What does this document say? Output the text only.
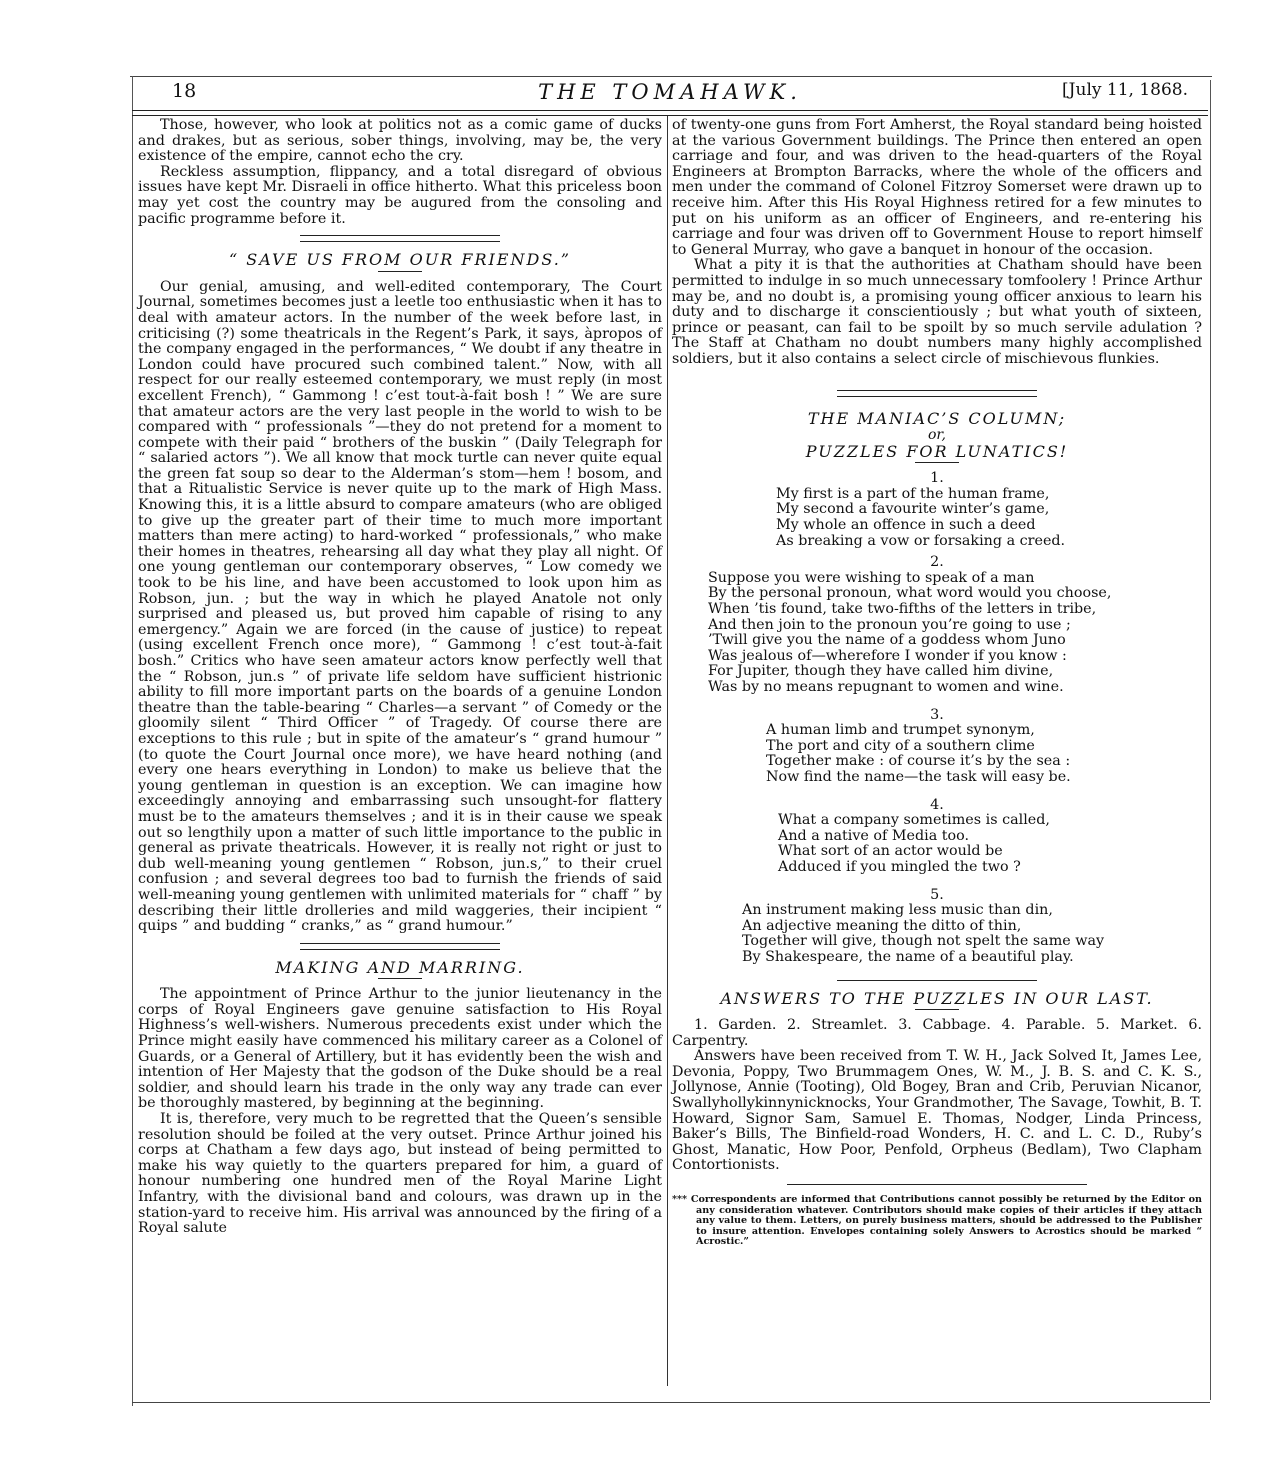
18	THE TOMAHAWK.	[July 11, 1868.

Those, however, who look at politics not as a comic game of ducks and drakes, but as serious, sober things, involving, may be, the very existence of the empire, cannot echo the cry.

Reckless assumption, flippancy, and a total disregard of obvious issues have kept Mr. Disraeli in office hitherto. What this priceless boon may yet cost the country may be augured from the consoling and pacific programme before it.

“ SAVE US FROM OUR FRIENDS.”

Our genial, amusing, and well-edited contemporary, The Court Journal, sometimes becomes just a leetle too enthusiastic when it has to deal with amateur actors. In the number of the week before last, in criticising (?) some theatricals in the Regent’s Park, it says, àpropos of the company engaged in the performances, “ We doubt if any theatre in London could have procured such combined talent.” Now, with all respect for our really esteemed contemporary, we must reply (in most excellent French), “ Gammong ! c’est tout-à-fait bosh ! ” We are sure that amateur actors are the very last people in the world to wish to be compared with “ professionals ”—they do not pretend for a moment to compete with their paid “ brothers of the buskin ” (Daily Telegraph for “ salaried actors ”). We all know that mock turtle can never quite equal the green fat soup so dear to the Alderman’s stom—hem ! bosom, and that a Ritualistic Service is never quite up to the mark of High Mass. Knowing this, it is a little absurd to compare amateurs (who are obliged to give up the greater part of their time to much more important matters than mere acting) to hard-worked “ professionals,” who make their homes in theatres, rehearsing all day what they play all night. Of one young gentleman our contemporary observes, “ Low comedy we took to be his line, and have been accustomed to look upon him as Robson, jun. ; but the way in which he played Anatole not only surprised and pleased us, but proved him capable of rising to any emergency.” Again we are forced (in the cause of justice) to repeat (using excellent French once more), “ Gammong ! c’est tout-à-fait bosh.” Critics who have seen amateur actors know perfectly well that the “ Robson, jun.s ” of private life seldom have sufficient histrionic ability to fill more important parts on the boards of a genuine London theatre than the table-bearing “ Charles—a servant ” of Comedy or the gloomily silent “ Third Officer ” of Tragedy. Of course there are exceptions to this rule ; but in spite of the amateur’s “ grand humour ” (to quote the Court Journal once more), we have heard nothing (and every one hears everything in London) to make us believe that the young gentleman in question is an exception. We can imagine how exceedingly annoying and embarrassing such unsought-for flattery must be to the amateurs themselves ; and it is in their cause we speak out so lengthily upon a matter of such little importance to the public in general as private theatricals. However, it is really not right or just to dub well-meaning young gentlemen “ Robson, jun.s,” to their cruel confusion ; and several degrees too bad to furnish the friends of said well-meaning young gentlemen with unlimited materials for “ chaff ” by describing their little drolleries and mild waggeries, their incipient “ quips ” and budding “ cranks,” as “ grand humour.”

MAKING AND MARRING.

The appointment of Prince Arthur to the junior lieutenancy in the corps of Royal Engineers gave genuine satisfaction to His Royal Highness’s well-wishers. Numerous precedents exist under which the Prince might easily have commenced his military career as a Colonel of Guards, or a General of Artillery, but it has evidently been the wish and intention of Her Majesty that the godson of the Duke should be a real soldier, and should learn his trade in the only way any trade can ever be thoroughly mastered, by beginning at the beginning.

It is, therefore, very much to be regretted that the Queen’s sensible resolution should be foiled at the very outset. Prince Arthur joined his corps at Chatham a few days ago, but instead of being permitted to make his way quietly to the quarters prepared for him, a guard of honour numbering one hundred men of the Royal Marine Light Infantry, with the divisional band and colours, was drawn up in the station-yard to receive him. His arrival was announced by the firing of a Royal salute

of twenty-one guns from Fort Amherst, the Royal standard being hoisted at the various Government buildings. The Prince then entered an open carriage and four, and was driven to the head-quarters of the Royal Engineers at Brompton Barracks, where the whole of the officers and men under the command of Colonel Fitzroy Somerset were drawn up to receive him. After this His Royal Highness retired for a few minutes to put on his uniform as an officer of Engineers, and re-entering his carriage and four was driven off to Government House to report himself to General Murray, who gave a banquet in honour of the occasion.

What a pity it is that the authorities at Chatham should have been permitted to indulge in so much unnecessary tomfoolery ! Prince Arthur may be, and no doubt is, a promising young officer anxious to learn his duty and to discharge it conscientiously ; but what youth of sixteen, prince or peasant, can fail to be spoilt by so much servile adulation ? The Staff at Chatham no doubt numbers many highly accomplished soldiers, but it also contains a select circle of mischievous flunkies.

THE MANIAC’S COLUMN;
or,
PUZZLES FOR LUNATICS!
1.
My first is a part of the human frame,
My second a favourite winter’s game,
My whole an offence in such a deed
As breaking a vow or forsaking a creed.
2.
Suppose you were wishing to speak of a man
By the personal pronoun, what word would you choose,
When ’tis found, take two-fifths of the letters in tribe,
And then join to the pronoun you’re going to use ;
’Twill give you the name of a goddess whom Juno
Was jealous of—wherefore I wonder if you know :
For Jupiter, though they have called him divine,
Was by no means repugnant to women and wine.
3.
A human limb and trumpet synonym,
The port and city of a southern clime
Together make : of course it’s by the sea :
Now find the name—the task will easy be.
4.
What a company sometimes is called,
And a native of Media too.
What sort of an actor would be
Adduced if you mingled the two ?
5.
An instrument making less music than din,
An adjective meaning the ditto of thin,
Together will give, though not spelt the same way
By Shakespeare, the name of a beautiful play.
ANSWERS TO THE PUZZLES IN OUR LAST.

1. Garden. 2. Streamlet. 3. Cabbage. 4. Parable. 5. Market. 6. Carpentry.

Answers have been received from T. W. H., Jack Solved It, James Lee, Devonia, Poppy, Two Brummagem Ones, W. M., J. B. S. and C. K. S., Jollynose, Annie (Tooting), Old Bogey, Bran and Crib, Peruvian Nicanor, Swallyhollykinnynicknocks, Your Grandmother, The Savage, Towhit, B. T. Howard, Signor Sam, Samuel E. Thomas, Nodger, Linda Princess, Baker’s Bills, The Binfield-road Wonders, H. C. and L. C. D., Ruby’s Ghost, Manatic, How Poor, Penfold, Orpheus (Bedlam), Two Clapham Contortionists.

*** Correspondents are informed that Contributions cannot possibly be returned by the Editor on any consideration whatever. Contributors should make copies of their articles if they attach any value to them. Letters, on purely business matters, should be addressed to the Publisher to insure attention. Envelopes containing solely Answers to Acrostics should be marked “ Acrostic.”
